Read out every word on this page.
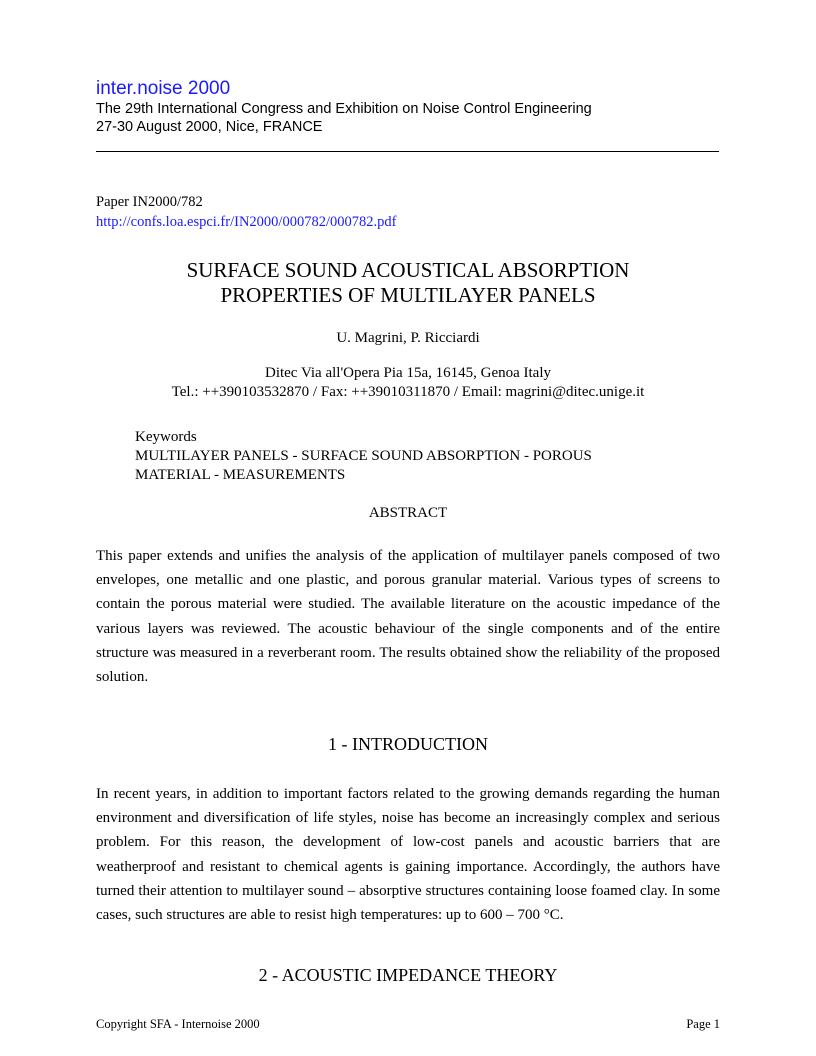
inter.noise 2000
The 29th International Congress and Exhibition on Noise Control Engineering
27-30 August 2000, Nice, FRANCE
Paper IN2000/782
http://confs.loa.espci.fr/IN2000/000782/000782.pdf
SURFACE SOUND ACOUSTICAL ABSORPTION
PROPERTIES OF MULTILAYER PANELS
U. Magrini, P. Ricciardi
Ditec Via all'Opera Pia 15a, 16145, Genoa Italy
Tel.: ++390103532870 / Fax: ++39010311870 / Email: magrini@ditec.unige.it
Keywords
MULTILAYER PANELS - SURFACE SOUND ABSORPTION - POROUS
MATERIAL - MEASUREMENTS
ABSTRACT
This paper extends and unifies the analysis of the application of multilayer panels composed of two envelopes, one metallic and one plastic, and porous granular material. Various types of screens to contain the porous material were studied. The available literature on the acoustic impedance of the various layers was reviewed. The acoustic behaviour of the single components and of the entire structure was measured in a reverberant room. The results obtained show the reliability of the proposed solution.
1 - INTRODUCTION
In recent years, in addition to important factors related to the growing demands regarding the human environment and diversification of life styles, noise has become an increasingly complex and serious problem. For this reason, the development of low-cost panels and acoustic barriers that are weatherproof and resistant to chemical agents is gaining importance. Accordingly, the authors have turned their attention to multilayer sound – absorptive structures containing loose foamed clay. In some cases, such structures are able to resist high temperatures: up to 600 – 700 °C.
2 - ACOUSTIC IMPEDANCE THEORY
Copyright SFA - Internoise 2000	Page 1
